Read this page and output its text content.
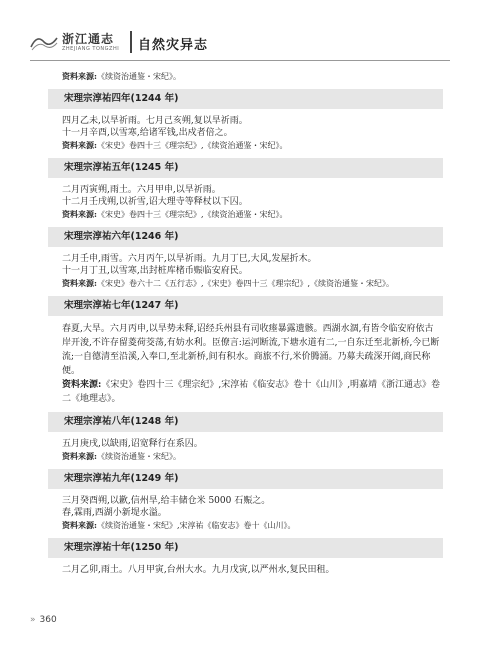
浙江通志
ZHEJIANG TONGZHI 自然灾异志
资料来源:《续资治通鉴・宋纪》。
宋理宗淳祐四年(1244 年)
四月乙未,以旱祈雨。七月己亥朔,复以旱祈雨。
十一月辛酉,以雪寒,给诸军钱,出戍者倍之。
资料来源:《宋史》卷四十三《理宗纪》,《续资治通鉴・宋纪》。
宋理宗淳祐五年(1245 年)
二月丙寅朔,雨土。六月甲申,以旱祈雨。
十二月壬戌朔,以祈雪,诏大理寺等释杖以下囚。
资料来源:《宋史》卷四十三《理宗纪》,《续资治通鉴・宋纪》。
宋理宗淳祐六年(1246 年)
二月壬申,雨雪。六月丙午,以旱祈雨。九月丁巳,大风,发屋折木。
十一月丁丑,以雪寒,出封桩库楮币赈临安府民。
资料来源:《宋史》卷六十二《五行志》,《宋史》卷四十三《理宗纪》,《续资治通鉴・宋纪》。
宋理宗淳祐七年(1247 年)
春夏,大旱。六月丙申,以旱势未释,诏经兵州县有司收瘗暴露遗骸。西湖水涸,有皆令临安府依古岸开浚,不许存留菱荷茭荡,有妨水利。臣僚言:运河断流,下塘水道有二,一自东迁至北新桥,今已断流;一自德清至沿溪,入奉口,至北新桥,间有积水。商旅不行,米价腾涌。乃募夫疏深开阔,商民称便。
资料来源:《宋史》卷四十三《理宗纪》,宋淳祐《临安志》卷十《山川》,明嘉靖《浙江通志》卷二《地理志》。
宋理宗淳祐八年(1248 年)
五月庚戌,以缺雨,诏宽释行在系囚。
资料来源:《续资治通鉴・宋纪》。
宋理宗淳祐九年(1249 年)
三月癸酉朔,以歉,信州旱,给丰储仓米 5000 石赈之。
春,霖雨,西湖小新堤水溢。
资料来源:《续资治通鉴・宋纪》,宋淳祐《临安志》卷十《山川》。
宋理宗淳祐十年(1250 年)
二月乙卯,雨土。八月甲寅,台州大水。九月戊寅,以严州水,复民田租。
» 360
